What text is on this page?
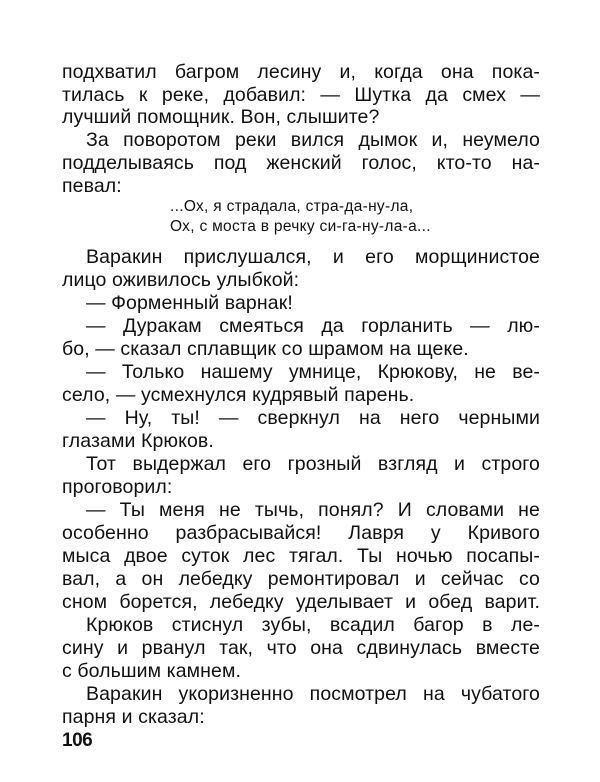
подхватил багром лесину и, когда она пока-
тилась к реке, добавил: — Шутка да смех —
лучший помощник. Вон, слышите?
За поворотом реки вился дымок и, неумело
подделываясь под женский голос, кто-то на-
певал:
...Ох, я страдала, стра-да-ну-ла,
Ох, с моста в речку си-га-ну-ла-а...
Варакин прислушался, и его морщинистое
лицо оживилось улыбкой:
— Форменный варнак!
— Дуракам смеяться да горланить — лю-
бо, — сказал сплавщик со шрамом на щеке.
— Только нашему умнице, Крюкову, не ве-
село, — усмехнулся кудрявый парень.
— Ну, ты! — сверкнул на него черными
глазами Крюков.
Тот выдержал его грозный взгляд и строго
проговорил:
— Ты меня не тычь, понял? И словами не
особенно разбрасывайся! Лавря у Кривого
мыса двое суток лес тягал. Ты ночью посапы-
вал, а он лебедку ремонтировал и сейчас со
сном борется, лебедку уделывает и обед варит.
Крюков стиснул зубы, всадил багор в ле-
сину и рванул так, что она сдвинулась вместе
с большим камнем.
Варакин укоризненно посмотрел на чубатого
парня и сказал:
106
